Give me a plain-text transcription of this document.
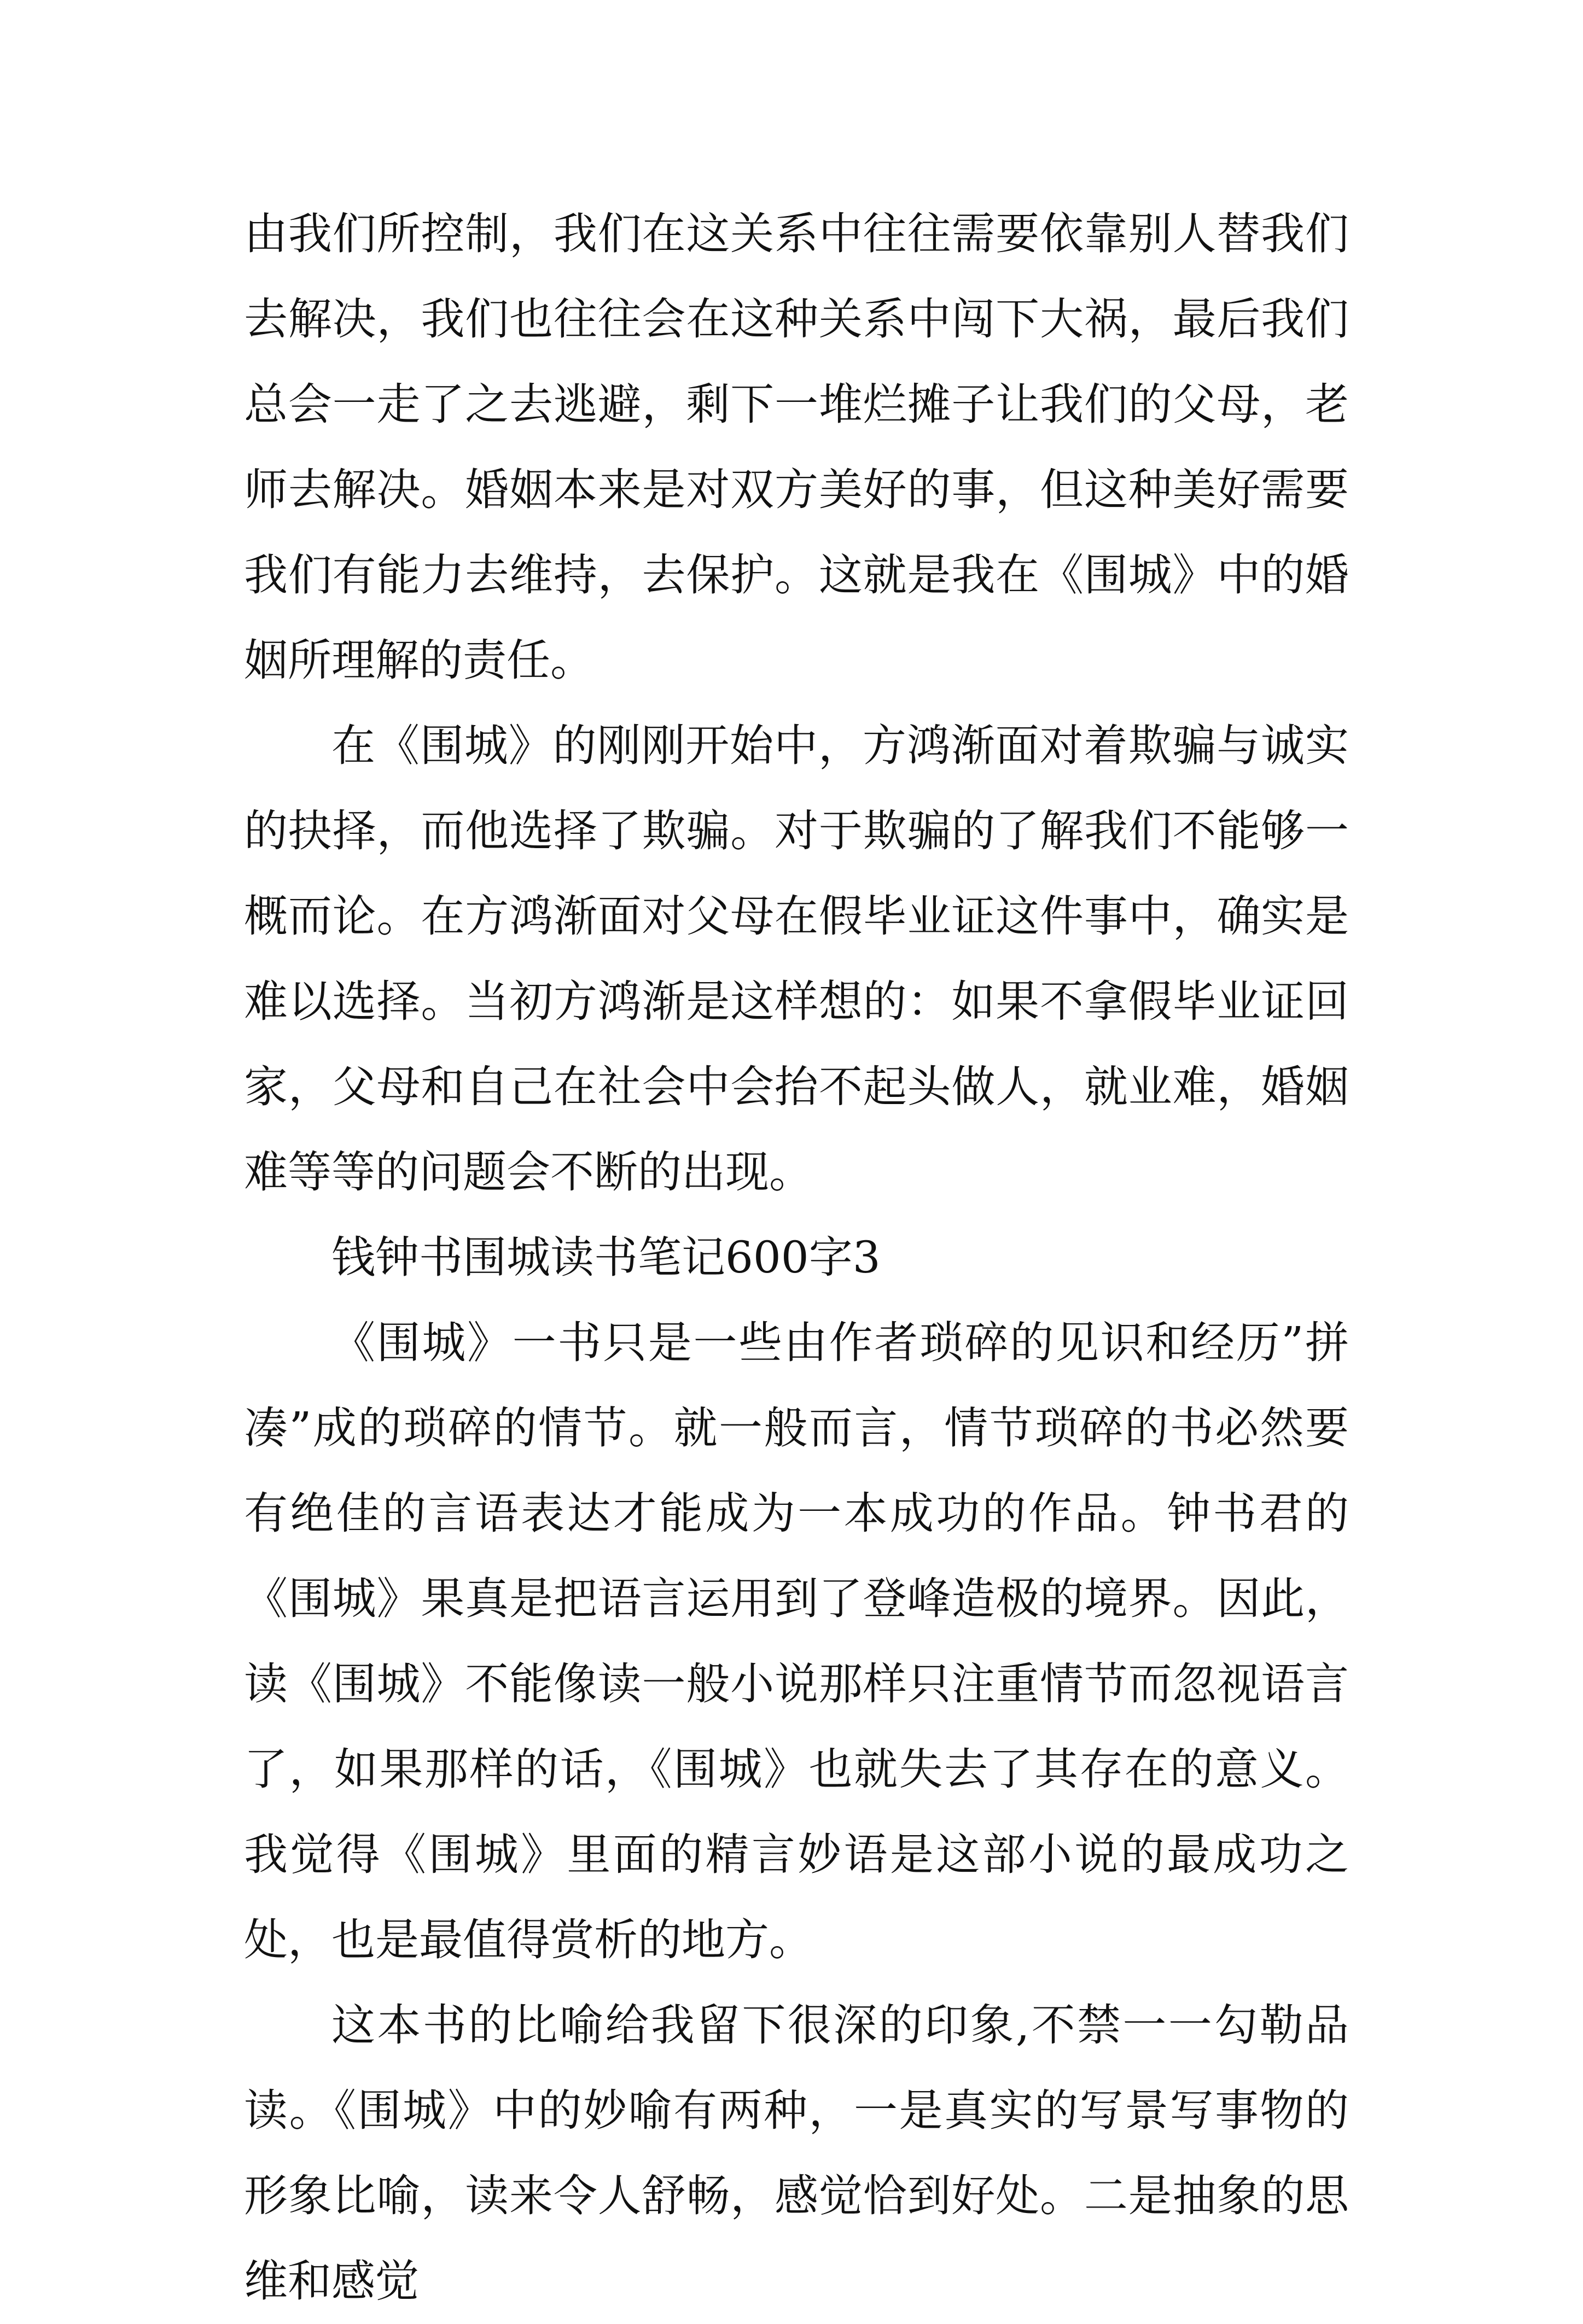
由我们所控制，我们在这关系中往往需要依靠别人替我们去解决，我们也往往会在这种关系中闯下大祸，最后我们总会一走了之去逃避，剩下一堆烂摊子让我们的父母，老师去解决。婚姻本来是对双方美好的事，但这种美好需要我们有能力去维持，去保护。这就是我在《围城》中的婚姻所理解的责任。

在《围城》的刚刚开始中，方鸿渐面对着欺骗与诚实的抉择，而他选择了欺骗。对于欺骗的了解我们不能够一概而论。在方鸿渐面对父母在假毕业证这件事中，确实是难以选择。当初方鸿渐是这样想的：如果不拿假毕业证回家，父母和自己在社会中会抬不起头做人，就业难，婚姻难等等的问题会不断的出现。

钱钟书围城读书笔记600字3

《围城》一书只是一些由作者琐碎的见识和经历”拼凑”成的琐碎的情节。就一般而言，情节琐碎的书必然要有绝佳的言语表达才能成为一本成功的作品。钟书君的《围城》果真是把语言运用到了登峰造极的境界。因此，读《围城》不能像读一般小说那样只注重情节而忽视语言了，如果那样的话，《围城》也就失去了其存在的意义。我觉得《围城》里面的精言妙语是这部小说的最成功之处，也是最值得赏析的地方。

这本书的比喻给我留下很深的印象,不禁一一勾勒品读。《围城》中的妙喻有两种，一是真实的写景写事物的形象比喻，读来令人舒畅，感觉恰到好处。二是抽象的思维和感觉
